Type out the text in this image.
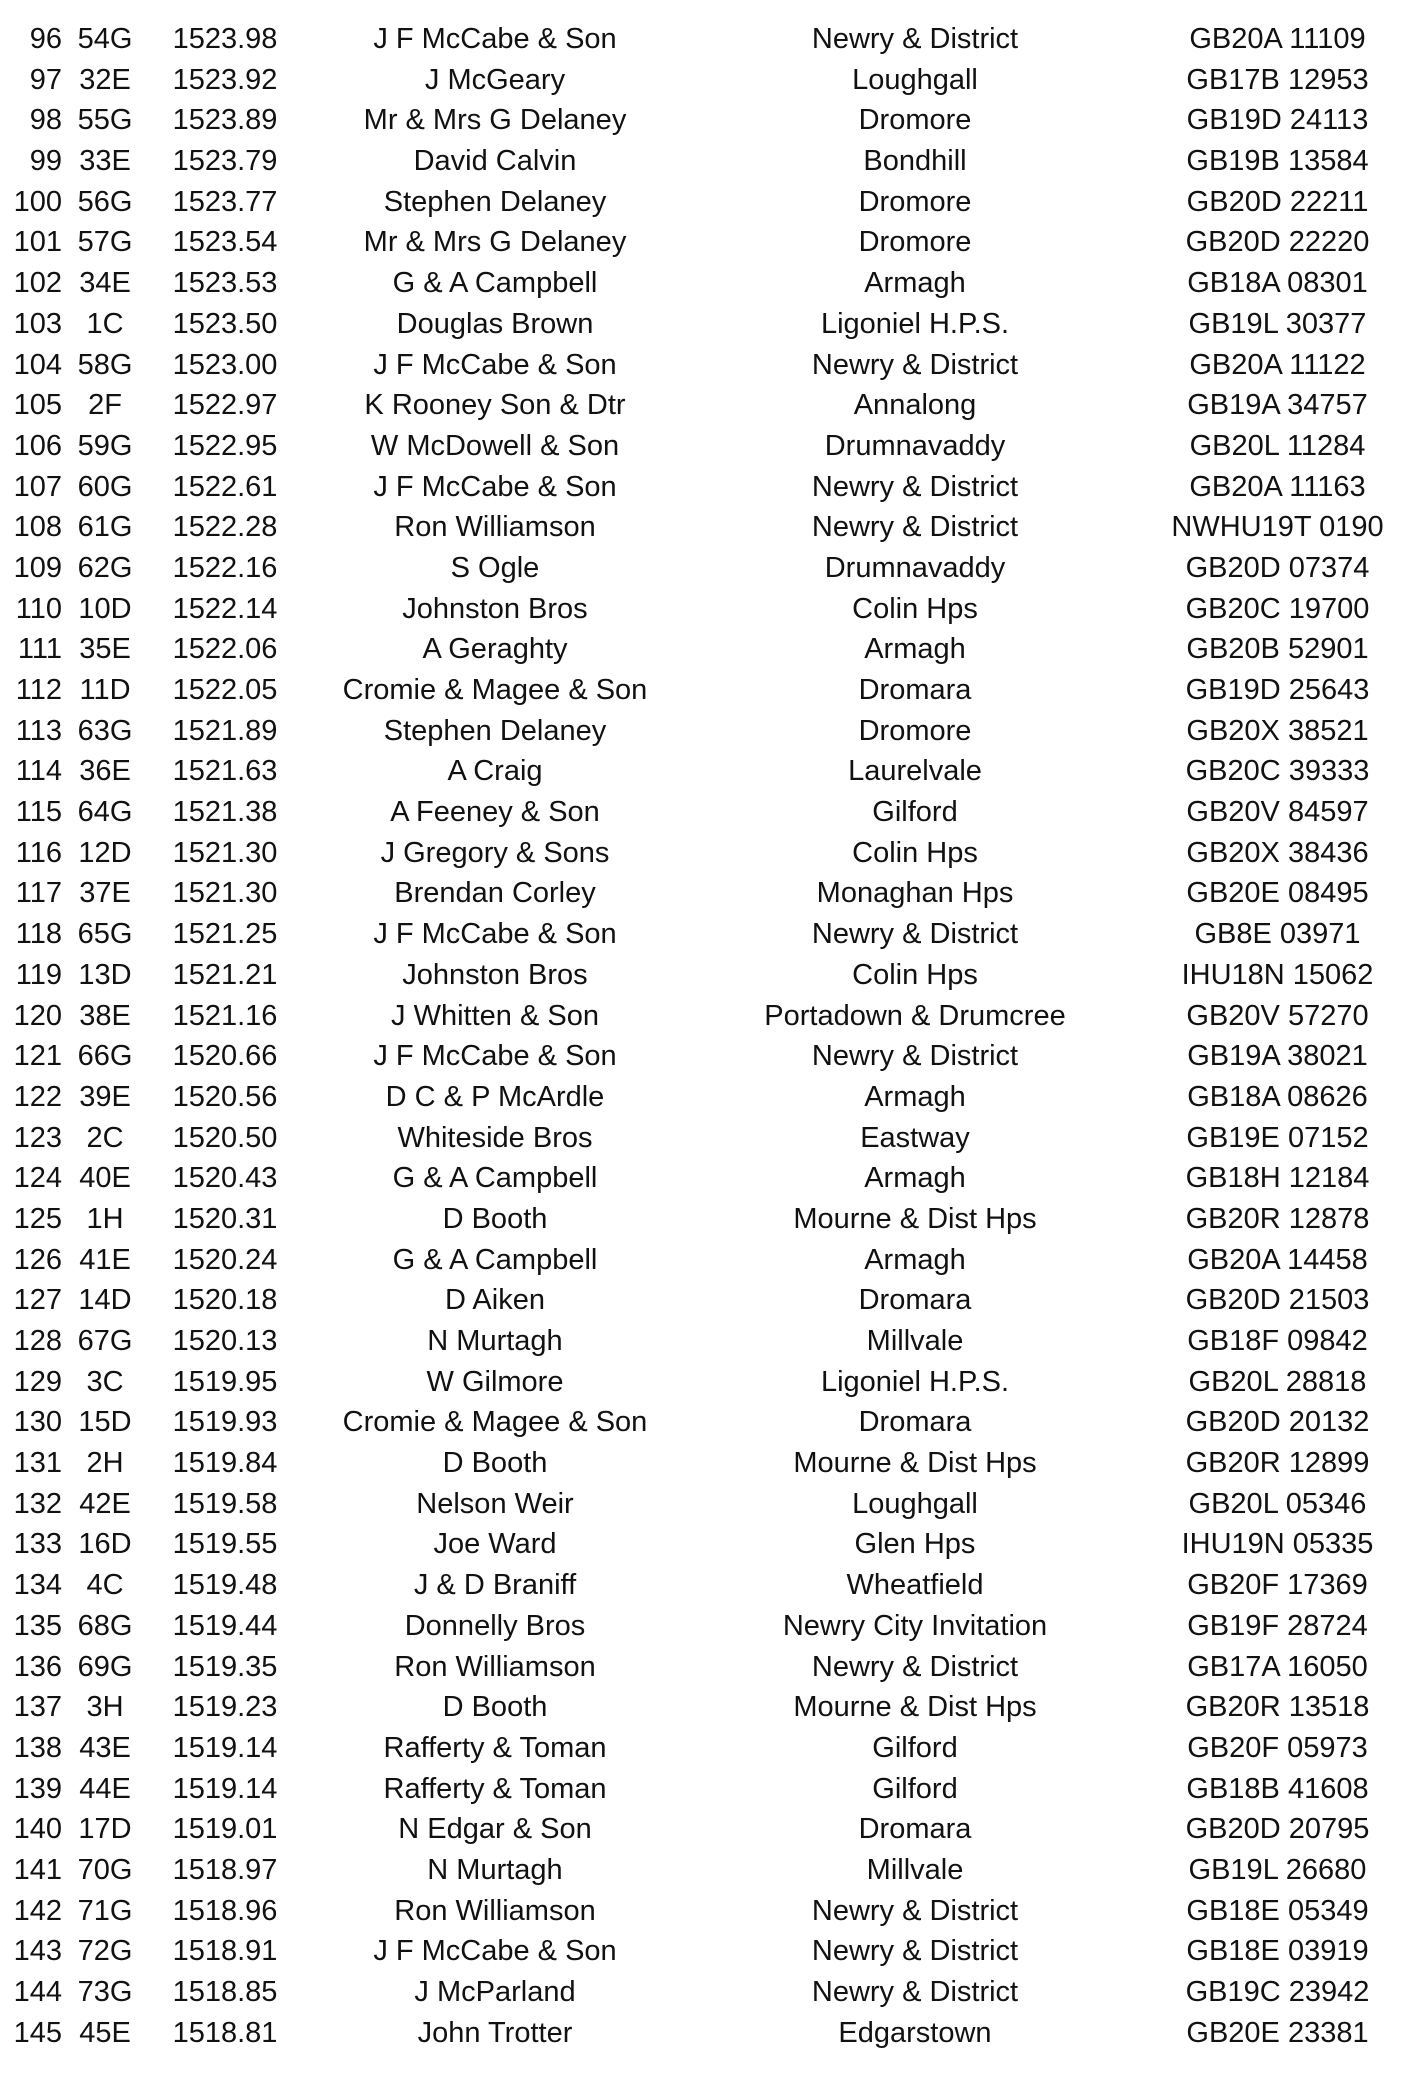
96 54G	1523.98	J F McCabe & Son	Newry & District	GB20A 11109
97 32E	1523.92	J McGeary	Loughgall	GB17B 12953
98 55G	1523.89	Mr & Mrs G Delaney	Dromore	GB19D 24113
99 33E	1523.79	David Calvin	Bondhill	GB19B 13584
100 56G	1523.77	Stephen Delaney	Dromore	GB20D 22211
101 57G	1523.54	Mr & Mrs G Delaney	Dromore	GB20D 22220
102 34E	1523.53	G & A Campbell	Armagh	GB18A 08301
103 1C	1523.50	Douglas Brown	Ligoniel H.P.S.	GB19L 30377
104 58G	1523.00	J F McCabe & Son	Newry & District	GB20A 11122
105 2F	1522.97	K Rooney Son & Dtr	Annalong	GB19A 34757
106 59G	1522.95	W McDowell & Son	Drumnavaddy	GB20L 11284
107 60G	1522.61	J F McCabe & Son	Newry & District	GB20A 11163
108 61G	1522.28	Ron Williamson	Newry & District	NWHU19T 0190
109 62G	1522.16	S Ogle	Drumnavaddy	GB20D 07374
110 10D	1522.14	Johnston Bros	Colin Hps	GB20C 19700
111 35E	1522.06	A Geraghty	Armagh	GB20B 52901
112 11D	1522.05	Cromie & Magee & Son	Dromara	GB19D 25643
113 63G	1521.89	Stephen Delaney	Dromore	GB20X 38521
114 36E	1521.63	A Craig	Laurelvale	GB20C 39333
115 64G	1521.38	A Feeney & Son	Gilford	GB20V 84597
116 12D	1521.30	J Gregory & Sons	Colin Hps	GB20X 38436
117 37E	1521.30	Brendan Corley	Monaghan Hps	GB20E 08495
118 65G	1521.25	J F McCabe & Son	Newry & District	GB8E 03971
119 13D	1521.21	Johnston Bros	Colin Hps	IHU18N 15062
120 38E	1521.16	J Whitten & Son	Portadown & Drumcree	GB20V 57270
121 66G	1520.66	J F McCabe & Son	Newry & District	GB19A 38021
122 39E	1520.56	D C & P McArdle	Armagh	GB18A 08626
123 2C	1520.50	Whiteside Bros	Eastway	GB19E 07152
124 40E	1520.43	G & A Campbell	Armagh	GB18H 12184
125 1H	1520.31	D Booth	Mourne & Dist Hps	GB20R 12878
126 41E	1520.24	G & A Campbell	Armagh	GB20A 14458
127 14D	1520.18	D Aiken	Dromara	GB20D 21503
128 67G	1520.13	N Murtagh	Millvale	GB18F 09842
129 3C	1519.95	W Gilmore	Ligoniel H.P.S.	GB20L 28818
130 15D	1519.93	Cromie & Magee & Son	Dromara	GB20D 20132
131 2H	1519.84	D Booth	Mourne & Dist Hps	GB20R 12899
132 42E	1519.58	Nelson Weir	Loughgall	GB20L 05346
133 16D	1519.55	Joe Ward	Glen Hps	IHU19N 05335
134 4C	1519.48	J & D Braniff	Wheatfield	GB20F 17369
135 68G	1519.44	Donnelly Bros	Newry City Invitation	GB19F 28724
136 69G	1519.35	Ron Williamson	Newry & District	GB17A 16050
137 3H	1519.23	D Booth	Mourne & Dist Hps	GB20R 13518
138 43E	1519.14	Rafferty & Toman	Gilford	GB20F 05973
139 44E	1519.14	Rafferty & Toman	Gilford	GB18B 41608
140 17D	1519.01	N Edgar & Son	Dromara	GB20D 20795
141 70G	1518.97	N Murtagh	Millvale	GB19L 26680
142 71G	1518.96	Ron Williamson	Newry & District	GB18E 05349
143 72G	1518.91	J F McCabe & Son	Newry & District	GB18E 03919
144 73G	1518.85	J McParland	Newry & District	GB19C 23942
145 45E	1518.81	John Trotter	Edgarstown	GB20E 23381
